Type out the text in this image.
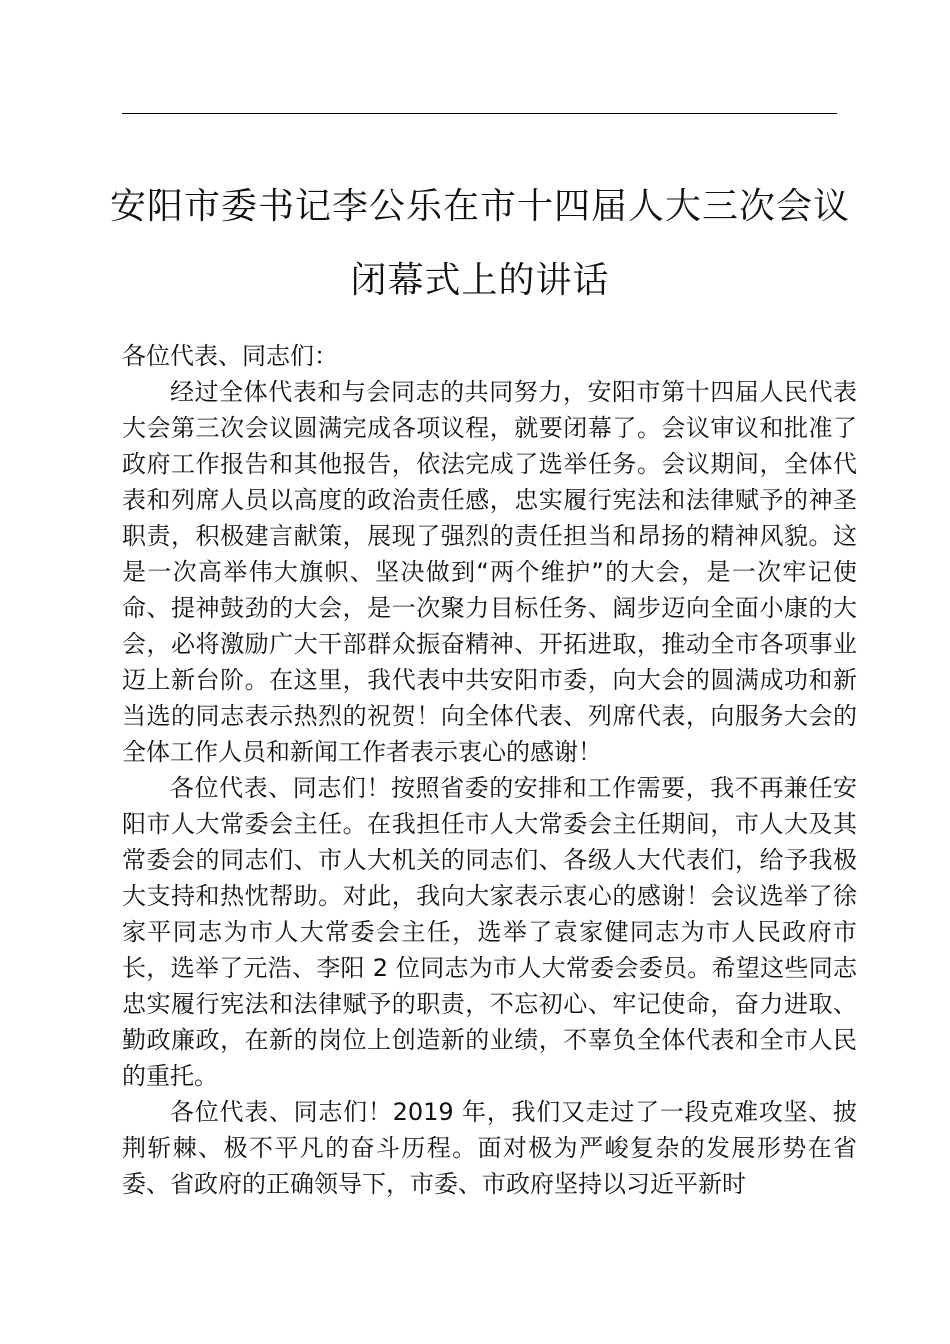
安阳市委书记李公乐在市十四届人大三次会议
闭幕式上的讲话

各位代表、同志们：

经过全体代表和与会同志的共同努力，安阳市第十四届人民代表大会第三次会议圆满完成各项议程，就要闭幕了。会议审议和批准了政府工作报告和其他报告，依法完成了选举任务。会议期间，全体代表和列席人员以高度的政治责任感，忠实履行宪法和法律赋予的神圣职责，积极建言献策，展现了强烈的责任担当和昂扬的精神风貌。这是一次高举伟大旗帜、坚决做到“两个维护”的大会，是一次牢记使命、提神鼓劲的大会，是一次聚力目标任务、阔步迈向全面小康的大会，必将激励广大干部群众振奋精神、开拓进取，推动全市各项事业迈上新台阶。在这里，我代表中共安阳市委，向大会的圆满成功和新当选的同志表示热烈的祝贺！向全体代表、列席代表，向服务大会的全体工作人员和新闻工作者表示衷心的感谢！

各位代表、同志们！按照省委的安排和工作需要，我不再兼任安阳市人大常委会主任。在我担任市人大常委会主任期间，市人大及其常委会的同志们、市人大机关的同志们、各级人大代表们，给予我极大支持和热忱帮助。对此，我向大家表示衷心的感谢！会议选举了徐家平同志为市人大常委会主任，选举了袁家健同志为市人民政府市长，选举了元浩、李阳 2 位同志为市人大常委会委员。希望这些同志忠实履行宪法和法律赋予的职责，不忘初心、牢记使命，奋力进取、勤政廉政，在新的岗位上创造新的业绩，不辜负全体代表和全市人民的重托。

各位代表、同志们！2019 年，我们又走过了一段克难攻坚、披荆斩棘、极不平凡的奋斗历程。面对极为严峻复杂的发展形势在省委、省政府的正确领导下，市委、市政府坚持以习近平新时
